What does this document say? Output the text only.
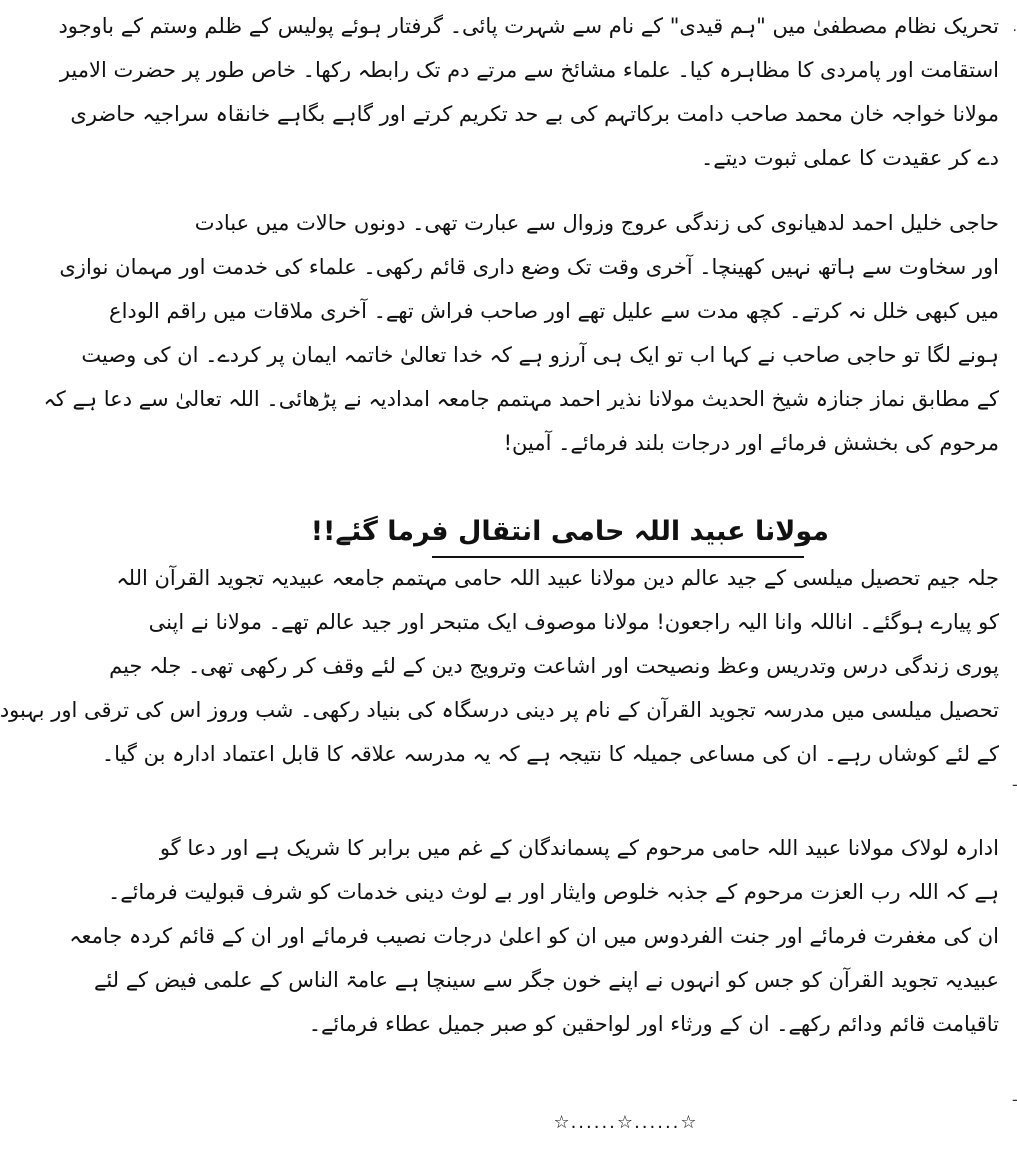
.
ـ
ـ
تحریک نظام مصطفیٰ میں "ہم قیدی" کے نام سے شہرت پائی۔ گرفتار ہوئے پولیس کے ظلم وستم کے باوجود
استقامت اور پامردی کا مظاہرہ کیا۔ علماء مشائخ سے مرتے دم تک رابطہ رکھا۔ خاص طور پر حضرت الامیر
مولانا خواجہ خان محمد صاحب دامت برکاتہم کی بے حد تکریم کرتے اور گاہے بگاہے خانقاہ سراجیہ حاضری
دے کر عقیدت کا عملی ثبوت دیتے۔
حاجی خلیل احمد لدھیانوی کی زندگی عروج وزوال سے عبارت تھی۔ دونوں حالات میں عبادت
اور سخاوت سے ہاتھ نہیں کھینچا۔ آخری وقت تک وضع داری قائم رکھی۔ علماء کی خدمت اور مہمان نوازی
میں کبھی خلل نہ کرتے۔ کچھ مدت سے علیل تھے اور صاحب فراش تھے۔ آخری ملاقات میں راقم الوداع
ہونے لگا تو حاجی صاحب نے کہا اب تو ایک ہی آرزو ہے کہ خدا تعالیٰ خاتمہ ایمان پر کردے۔ ان کی وصیت
کے مطابق نماز جنازہ شیخ الحدیث مولانا نذیر احمد مہتمم جامعہ امدادیہ نے پڑھائی۔ اللہ تعالیٰ سے دعا ہے کہ
مرحوم کی بخشش فرمائے اور درجات بلند فرمائے۔ آمین!
مولانا عبید اللہ حامی انتقال فرما گئے!!
جلہ جیم تحصیل میلسی کے جید عالم دین مولانا عبید اللہ حامی مہتمم جامعہ عبیدیہ تجوید القرآن اللہ
کو پیارے ہوگئے۔ اناللہ وانا الیہ راجعون! مولانا موصوف ایک متبحر اور جید عالم تھے۔ مولانا نے اپنی
پوری زندگی درس وتدریس وعظ ونصیحت اور اشاعت وترویج دین کے لئے وقف کر رکھی تھی۔ جلہ جیم
تحصیل میلسی میں مدرسہ تجوید القرآن کے نام پر دینی درسگاہ کی بنیاد رکھی۔ شب وروز اس کی ترقی اور بہبود
کے لئے کوشاں رہے۔ ان کی مساعی جمیلہ کا نتیجہ ہے کہ یہ مدرسہ علاقہ کا قابل اعتماد ادارہ بن گیا۔
ادارہ لولاک مولانا عبید اللہ حامی مرحوم کے پسماندگان کے غم میں برابر کا شریک ہے اور دعا گو
ہے کہ اللہ رب العزت مرحوم کے جذبہ خلوص وایثار اور بے لوث دینی خدمات کو شرف قبولیت فرمائے۔
ان کی مغفرت فرمائے اور جنت الفردوس میں ان کو اعلیٰ درجات نصیب فرمائے اور ان کے قائم کردہ جامعہ
عبیدیہ تجوید القرآن کو جس کو انہوں نے اپنے خون جگر سے سینچا ہے عامۃ الناس کے علمی فیض کے لئے
تاقیامت قائم ودائم رکھے۔ ان کے ورثاء اور لواحقین کو صبر جمیل عطاء فرمائے۔
☆......☆......☆
